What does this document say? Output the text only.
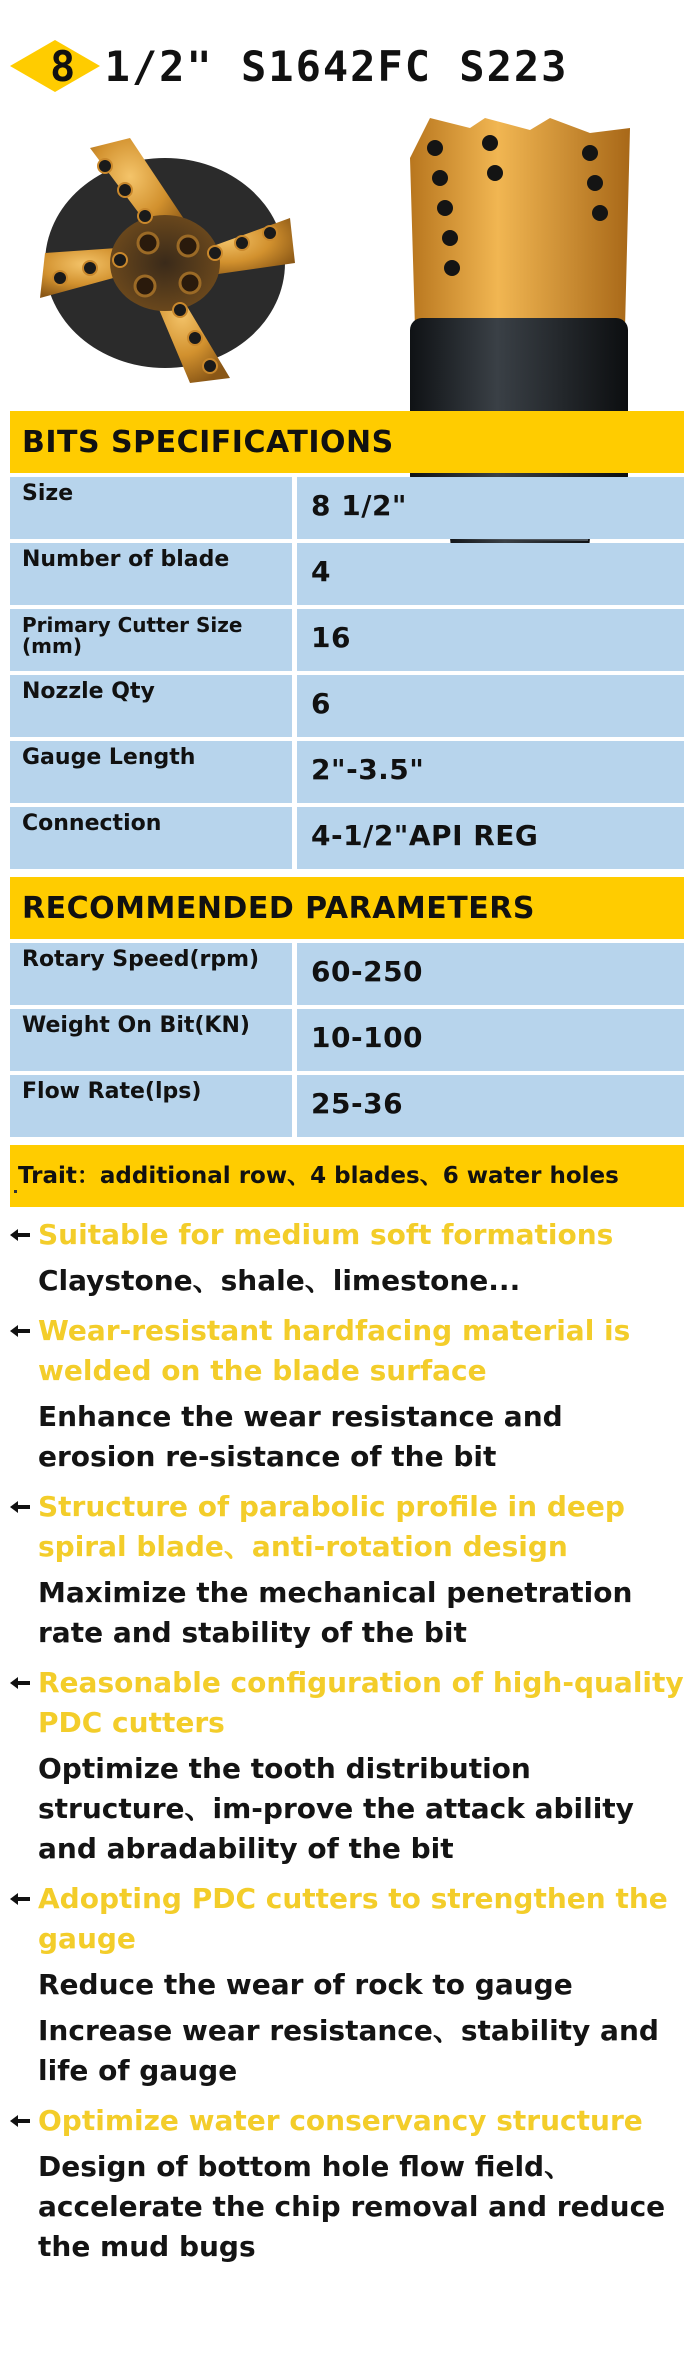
8 1/2" S1642FC S223
BITS SPECIFICATIONS
Size	8 1/2"
Number of blade	4
Primary Cutter Size (mm)	16
Nozzle Qty	6
Gauge Length	2"-3.5"
Connection	4-1/2"API REG
RECOMMENDED PARAMETERS
Rotary Speed(rpm)	60-250
Weight On Bit(KN)	10-100
Flow Rate(lps)	25-36
Trait：additional row、4 blades、6 water holes
Suitable for medium soft formations
Claystone、shale、limestone...
Wear-resistant hardfacing material is welded on the blade surface
Enhance the wear resistance and erosion re-sistance of the bit
Structure of parabolic profile in deep spiral blade、anti-rotation design
Maximize the mechanical penetration rate and stability of the bit
Reasonable configuration of high-quality PDC cutters
Optimize the tooth distribution structure、im-prove the attack ability and abradability of the bit
Adopting PDC cutters to strengthen the gauge
Reduce the wear of rock to gauge
Increase wear resistance、stability and life of gauge
Optimize water conservancy structure
Design of bottom hole flow field、accelerate the chip removal and reduce the mud bugs
